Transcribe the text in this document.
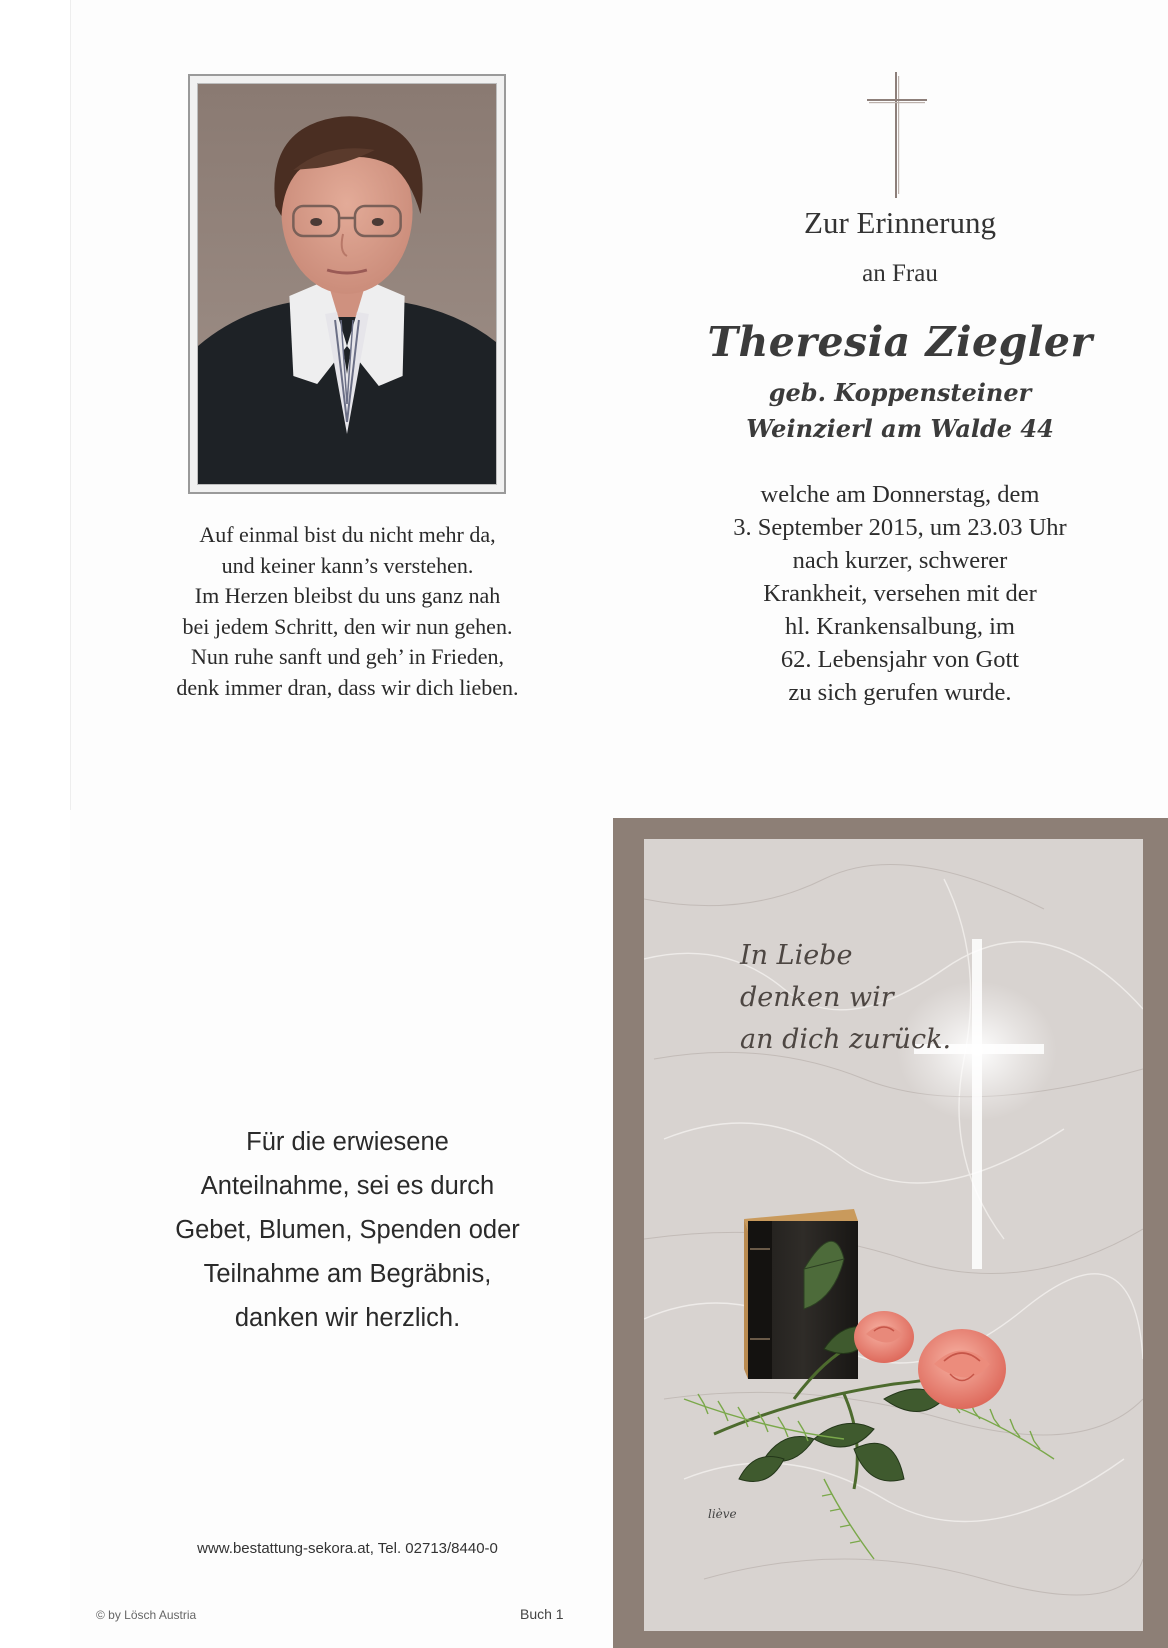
Auf einmal bist du nicht mehr da,
und keiner kann’s verstehen.
Im Herzen bleibst du uns ganz nah
bei jedem Schritt, den wir nun gehen.
Nun ruhe sanft und geh’ in Frieden,
denk immer dran, dass wir dich lieben.
Zur Erinnerung
an Frau
Theresia Ziegler
geb. Koppensteiner
Weinzierl am Walde 44
welche am Donnerstag, dem
3. September 2015, um 23.03 Uhr
nach kurzer, schwerer
Krankheit, versehen mit der
hl. Krankensalbung, im
62. Lebensjahr von Gott
zu sich gerufen wurde.
Für die erwiesene
Anteilnahme, sei es durch
Gebet, Blumen, Spenden oder
Teilnahme am Begräbnis,
danken wir herzlich.
www.bestattung-sekora.at, Tel. 02713/8440-0
© by Lösch Austria	Buch 1
In Liebe
denken wir
an dich zurück.
liève
